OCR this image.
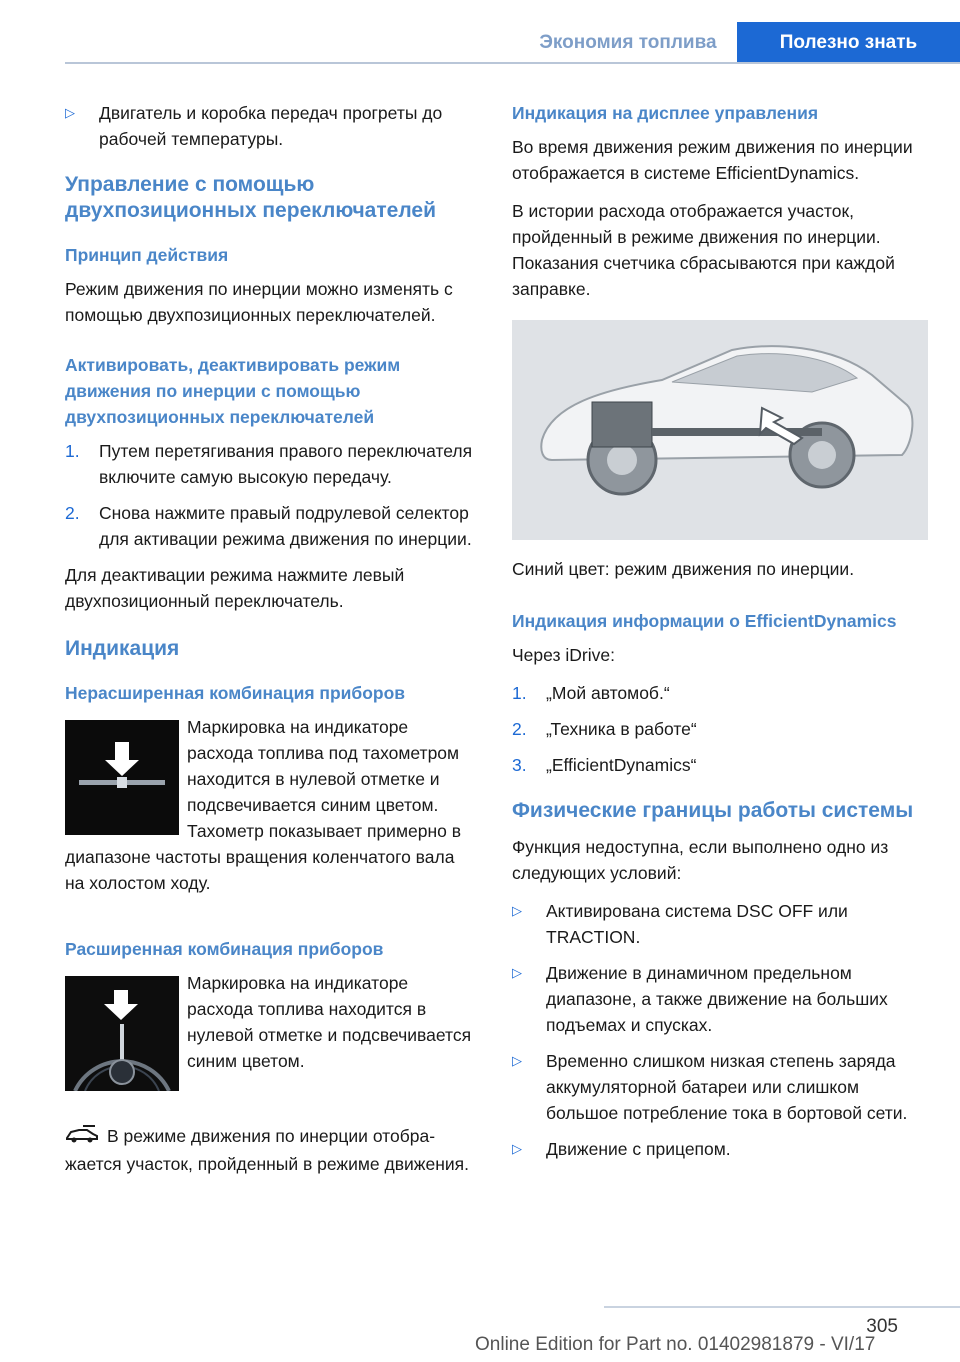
Экономия топлива	Полезно знать
▷ Двигатель и коробка передач прогреты до рабочей температуры.
Управление с помощью двухпозиционных переключателей
Принцип действия

Режим движения по инерции можно изменять с помощью двухпозиционных переключателей.

Активировать, деактивировать режим движения по инерции с помощью двухпозиционных переключателей
1. Путем перетягивания правого переключателя включите самую высокую передачу.
2. Снова нажмите правый подрулевой селектор для активации режима движения по инерции.

Для деактивации режима нажмите левый двухпозиционный переключатель.

Индикация
Нерасширенная комбинация приборов

Маркировка на индикаторе расхода топлива под тахометром находится в нулевой отметке и подсвечивается синим цветом. Тахометр показывает примерно в диапазоне частоты вращения коленчатого вала на холостом ходу.

Расширенная комбинация приборов

Маркировка на индикаторе расхода топлива находится в нулевой отметке и подсвечивается синим цветом.

В режиме движения по инерции отображается участок, пройденный в режиме движения.

Индикация на дисплее управления

Во время движения режим движения по инерции отображается в системе EfficientDynamics.

В истории расхода отображается участок, пройденный в режиме движения по инерции. Показания счетчика сбрасываются при каждой заправке.

Синий цвет: режим движения по инерции.

Индикация информации о EfficientDynamics

Через iDrive:

1. „Мой автомоб.“
2. „Техника в работе“
3. „EfficientDynamics“
Физические границы работы системы

Функция недоступна, если выполнено одно из следующих условий:

▷ Активирована система DSC OFF или TRACTION.
▷ Движение в динамичном предельном диапазоне, а также движение на больших подъемах и спусках.
▷ Временно слишком низкая степень заряда аккумуляторной батареи или слишком большое потребление тока в бортовой сети.
▷ Движение с прицепом.
305
Online Edition for Part no. 01402981879 - VI/17
